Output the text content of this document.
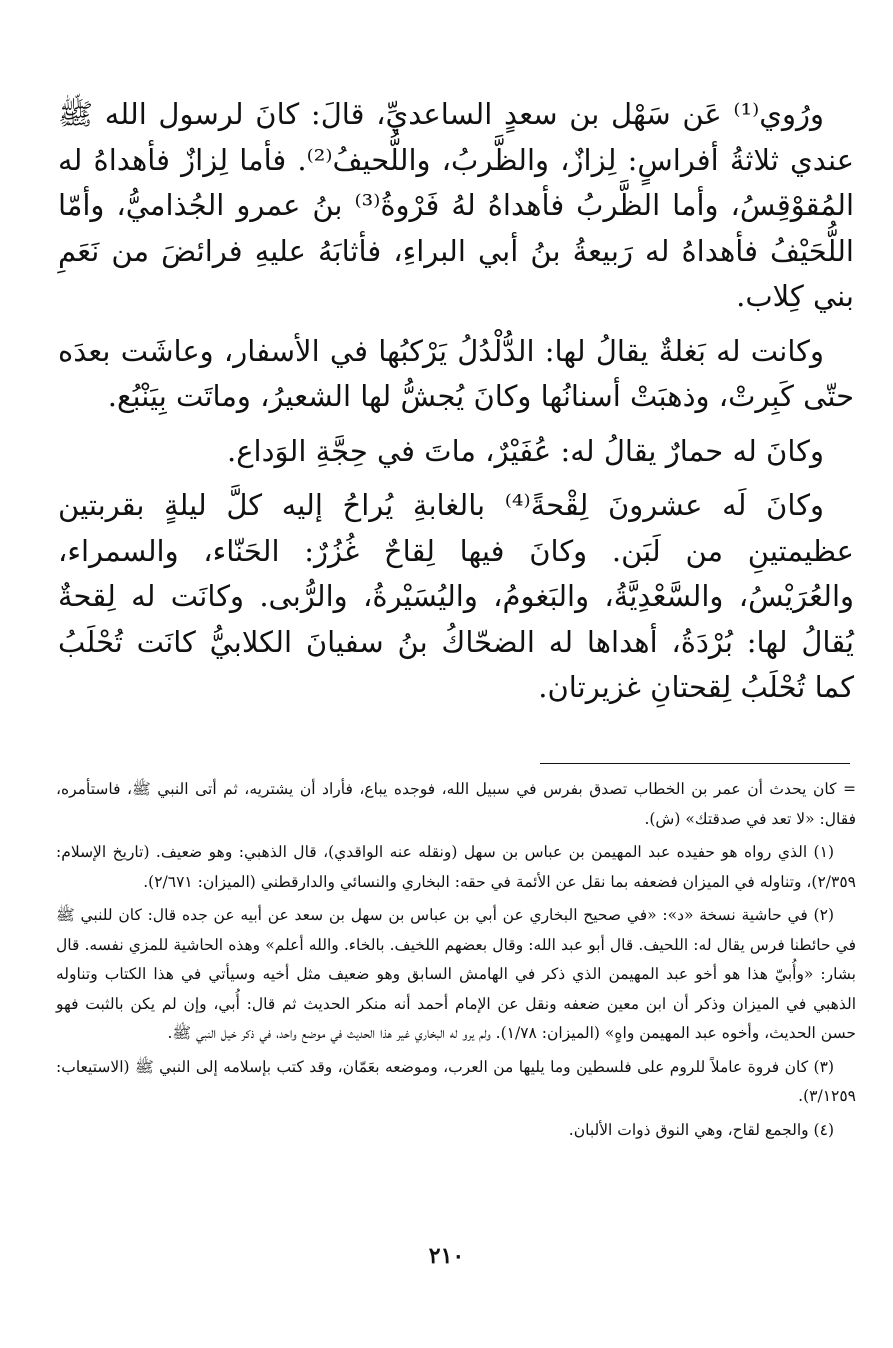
ورُوي⁽¹⁾ عَن سَهْل بن سعدٍ الساعديِّ، قالَ: كانَ لرسول الله ﷺ عندي ثلاثةُ أفراسٍ: لِزازٌ، والظَّربُ، واللُّحيفُ⁽²⁾. فأما لِزازٌ فأهداهُ له المُقوْقِسُ، وأما الظَّربُ فأهداهُ لهُ فَرْوةُ⁽³⁾ بنُ عمرو الجُذاميُّ، وأمّا اللُّحَيْفُ فأهداهُ له رَبيعةُ بنُ أبي البراءِ، فأثابَهُ عليهِ فرائضَ من نَعَمِ بني كِلاب.

وكانت له بَغلةٌ يقالُ لها: الدُّلْدُلُ يَرْكبُها في الأسفار، وعاشَت بعدَه حتّى كَبِرتْ، وذهبَتْ أسنانُها وكانَ يُجشُّ لها الشعيرُ، وماتَت بِيَنْبُع.

وكانَ له حمارٌ يقالُ له: عُفَيْرٌ، ماتَ في حِجَّةِ الوَداع.

وكانَ لَه عشرونَ لِقْحةً⁽⁴⁾ بالغابةِ يُراحُ إليه كلَّ ليلةٍ بقربتين عظيمتينِ من لَبَن. وكانَ فيها لِقاحٌ غُزُرٌ: الحَنّاء، والسمراء، والعُرَيْسُ، والسَّعْدِيَّةُ، والبَغومُ، واليُسَيْرةُ، والرُّبى. وكانَت له لِقحةٌ يُقالُ لها: بُرْدَةُ، أهداها له الضحّاكُ بنُ سفيانَ الكلابيُّ كانَت تُحْلَبُ كما تُحْلَبُ لِقحتانِ غزيرتان.

= كان يحدث أن عمر بن الخطاب تصدق بفرس في سبيل الله، فوجده يباع، فأراد أن يشتريه، ثم أتى النبي ﷺ، فاستأمره، فقال: «لا تعد في صدقتك» (ش).

(١) الذي رواه هو حفيده عبد المهيمن بن عباس بن سهل (ونقله عنه الواقدي)، قال الذهبي: وهو ضعيف. (تاريخ الإسلام: ٢/٣٥٩)، وتناوله في الميزان فضعفه بما نقل عن الأئمة في حقه: البخاري والنسائي والدارقطني (الميزان: ٢/٦٧١).

(٢) في حاشية نسخة «د»: «في صحيح البخاري عن أبي بن عباس بن سهل بن سعد عن أبيه عن جده قال: كان للنبي ﷺ في حائطنا فرس يقال له: اللحيف. قال أبو عبد الله: وقال بعضهم اللخيف. بالخاء. والله أعلم» وهذه الحاشية للمزي نفسه. قال بشار: «وأُبيّ هذا هو أخو عبد المهيمن الذي ذكر في الهامش السابق وهو ضعيف مثل أخيه وسيأتي في هذا الكتاب وتناوله الذهبي في الميزان وذكر أن ابن معين ضعفه ونقل عن الإمام أحمد أنه منكر الحديث ثم قال: أُبي، وإن لم يكن بالثبت فهو حسن الحديث، وأخوه عبد المهيمن واهٍ» (الميزان: ١/٧٨). ولم يرو له البخاري غير هذا الحديث في موضع واحد، في ذكر خيل النبي ﷺ.

(٣) كان فروة عاملاً للروم على فلسطين وما يليها من العرب، وموضعه بعَمّان، وقد كتب بإسلامه إلى النبي ﷺ (الاستيعاب: ٣/١٢٥٩).

(٤) والجمع لقاح، وهي النوق ذوات الألبان.

٢١٠
